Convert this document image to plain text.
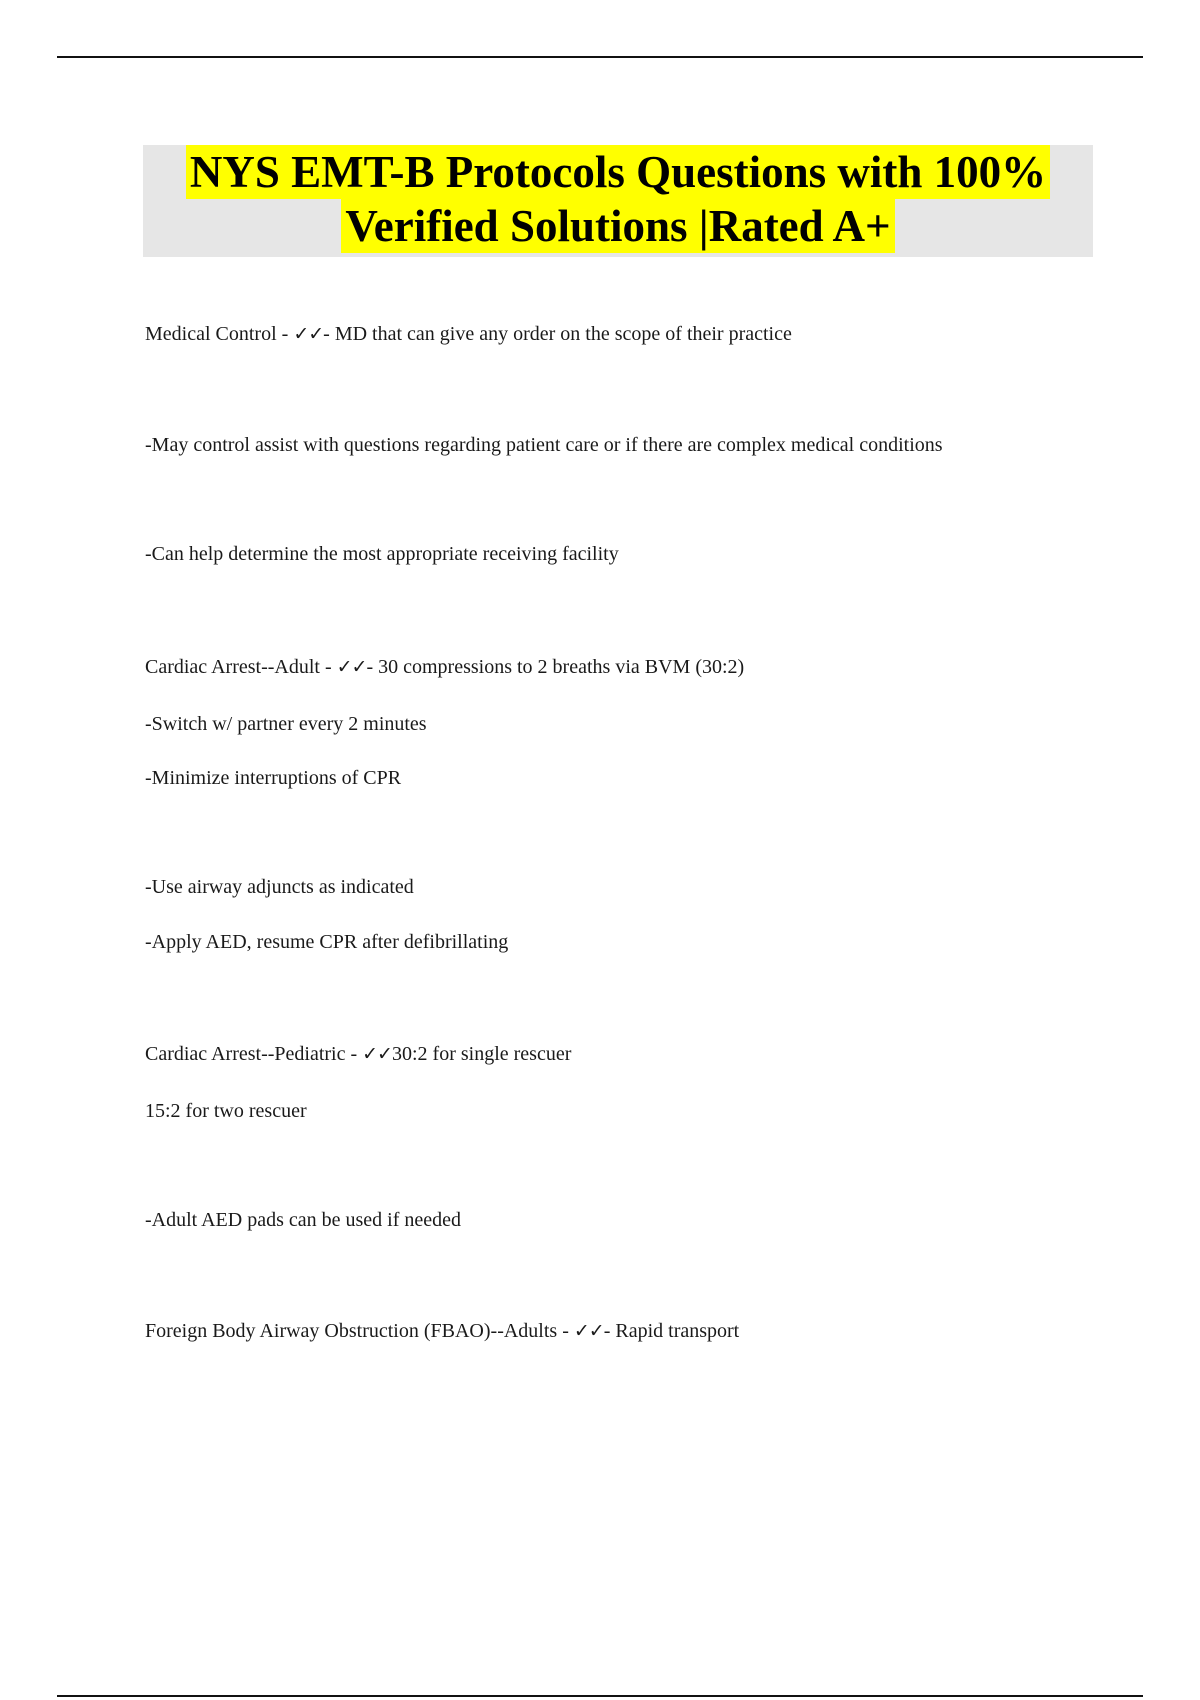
NYS EMT-B Protocols Questions with 100%
Verified Solutions |Rated A+
Medical Control - ✓✓- MD that can give any order on the scope of their practice
-May control assist with questions regarding patient care or if there are complex medical conditions
-Can help determine the most appropriate receiving facility
Cardiac Arrest--Adult - ✓✓- 30 compressions to 2 breaths via BVM (30:2)
-Switch w/ partner every 2 minutes
-Minimize interruptions of CPR
-Use airway adjuncts as indicated
-Apply AED, resume CPR after defibrillating
Cardiac Arrest--Pediatric - ✓✓30:2 for single rescuer
15:2 for two rescuer
-Adult AED pads can be used if needed
Foreign Body Airway Obstruction (FBAO)--Adults - ✓✓- Rapid transport
